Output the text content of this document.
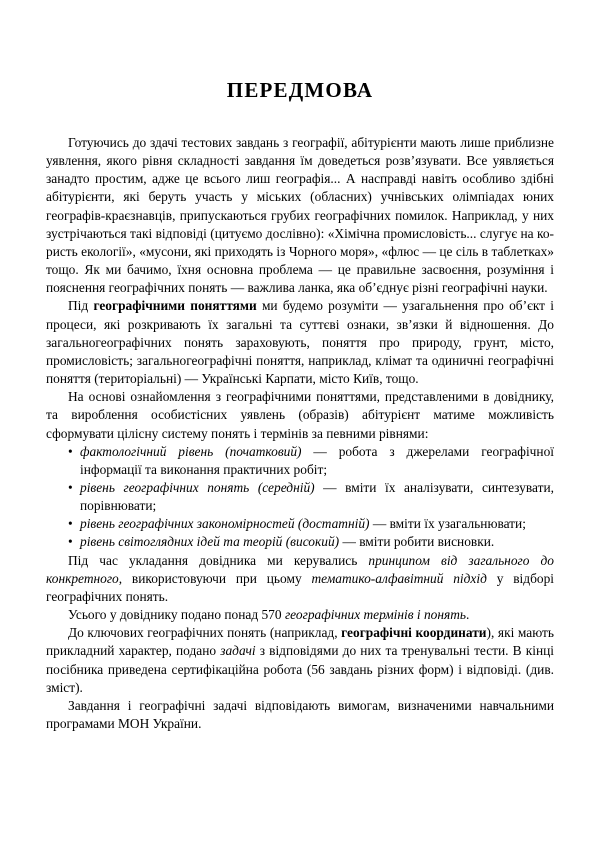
ПЕРЕДМОВА

Готуючись до здачі тестових завдань з географії, абітурієнти мають лише приблизне уявлення, якого рівня складності завдання їм доведеться розв’язувати. Все уявляється занадто простим, адже це всього лиш географія... А насправді навіть особливо здібні абітурієнти, які беруть участь у міських (обласних) учнівських олімпіадах юних географів-краєзнавців, припускаються грубих географічних помилок. Наприклад, у них зустрічаються такі відповіді (цитуємо дослівно): «Хімічна промисловість... слугує на користь екології», «мусони, які приходять із Чорного моря», «флюс — це сіль в таблетках» тощо. Як ми бачимо, їхня основна проблема — це правильне засвоєння, розуміння і пояснення географічних понять — важлива ланка, яка об’єднує різні географічні науки.

Під географічними поняттями ми будемо розуміти — узагальнення про об’єкт і процеси, які розкривають їх загальні та суттєві ознаки, зв’язки й відношення. До загальногеографічних понять зараховують, поняття про природу, грунт, місто, промисловість; загальногеографічні поняття, наприклад, клімат та одиничні географічні поняття (територіальні) — Українські Карпати, місто Київ, тощо.

На основі ознайомлення з географічними поняттями, представленими в довіднику, та вироблення особистісних уявлень (образів) абітурієнт матиме можливість сформувати цілісну систему понять і термінів за певними рівнями:

• фактологічний рівень (початковий) — робота з джерелами географічної інформації та виконання практичних робіт;
• рівень географічних понять (середній) — вміти їх аналізувати, синтезувати, порівнювати;
• рівень географічних закономірностей (достатній) — вміти їх узагальнювати;
• рівень світоглядних ідей та теорій (високий) — вміти робити висновки.

Під час укладання довідника ми керувались принципом від загального до конкретного, використовуючи при цьому тематико-алфавітний підхід у відборі географічних понять.

Усього у довіднику подано понад 570 географічних термінів і понять.

До ключових географічних понять (наприклад, географічні координати), які мають прикладний характер, подано задачі з відповідями до них та тренувальні тести. В кінці посібника приведена сертифікаційна робота (56 завдань різних форм) і відповіді. (див. зміст).

Завдання і географічні задачі відповідають вимогам, визначеними навчальними програмами МОН України.
